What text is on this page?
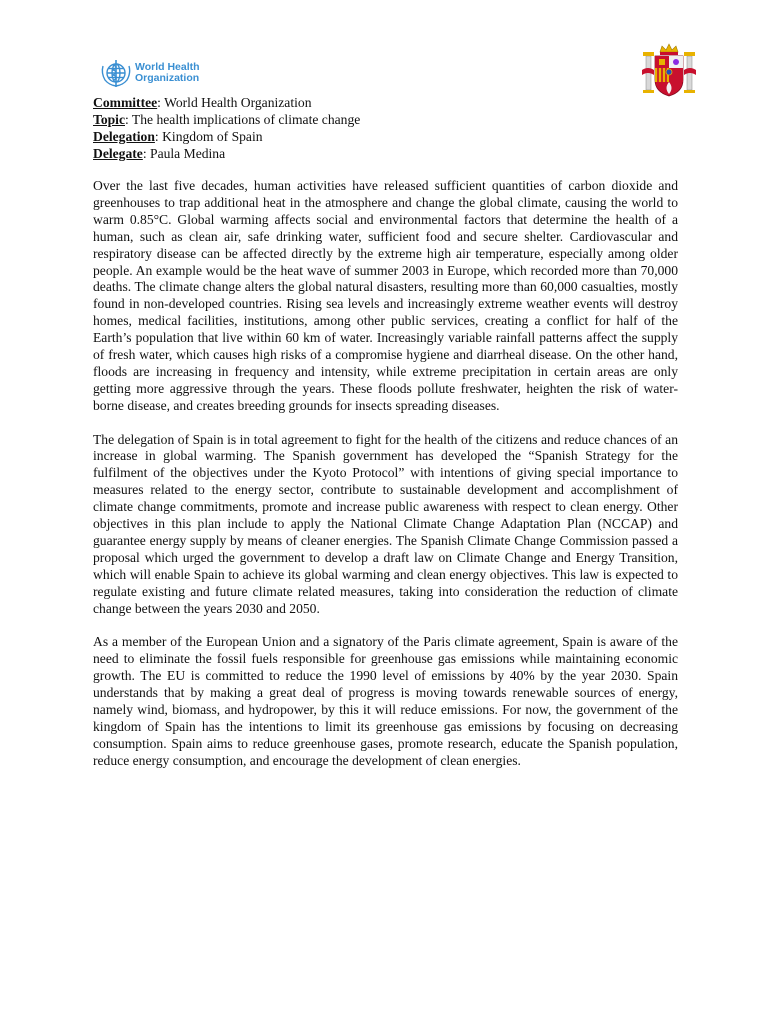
World Health
Organization
Committee: World Health Organization
Topic: The health implications of climate change
Delegation: Kingdom of Spain
Delegate: Paula Medina

Over the last five decades, human activities have released sufficient quantities of carbon dioxide and greenhouses to trap additional heat in the atmosphere and change the global climate, causing the world to warm 0.85°C. Global warming affects social and environmental factors that determine the health of a human, such as clean air, safe drinking water, sufficient food and secure shelter. Cardiovascular and respiratory disease can be affected directly by the extreme high air temperature, especially among older people. An example would be the heat wave of summer 2003 in Europe, which recorded more than 70,000 deaths. The climate change alters the global natural disasters, resulting more than 60,000 casualties, mostly found in non-developed countries. Rising sea levels and increasingly extreme weather events will destroy homes, medical facilities, institutions, among other public services, creating a conflict for half of the Earth’s population that live within 60 km of water. Increasingly variable rainfall patterns affect the supply of fresh water, which causes high risks of a compromise hygiene and diarrheal disease. On the other hand, floods are increasing in frequency and intensity, while extreme precipitation in certain areas are only getting more aggressive through the years. These floods pollute freshwater, heighten the risk of water-borne disease, and creates breeding grounds for insects spreading diseases.

The delegation of Spain is in total agreement to fight for the health of the citizens and reduce chances of an increase in global warming. The Spanish government has developed the “Spanish Strategy for the fulfilment of the objectives under the Kyoto Protocol” with intentions of giving special importance to measures related to the energy sector, contribute to sustainable development and accomplishment of climate change commitments, promote and increase public awareness with respect to clean energy. Other objectives in this plan include to apply the National Climate Change Adaptation Plan (NCCAP) and guarantee energy supply by means of cleaner energies. The Spanish Climate Change Commission passed a proposal which urged the government to develop a draft law on Climate Change and Energy Transition, which will enable Spain to achieve its global warming and clean energy objectives. This law is expected to regulate existing and future climate related measures, taking into consideration the reduction of climate change between the years 2030 and 2050.

As a member of the European Union and a signatory of the Paris climate agreement, Spain is aware of the need to eliminate the fossil fuels responsible for greenhouse gas emissions while maintaining economic growth. The EU is committed to reduce the 1990 level of emissions by 40% by the year 2030. Spain understands that by making a great deal of progress is moving towards renewable sources of energy, namely wind, biomass, and hydropower, by this it will reduce emissions. For now, the government of the kingdom of Spain has the intentions to limit its greenhouse gas emissions by focusing on decreasing consumption. Spain aims to reduce greenhouse gases, promote research, educate the Spanish population, reduce energy consumption, and encourage the development of clean energies.
